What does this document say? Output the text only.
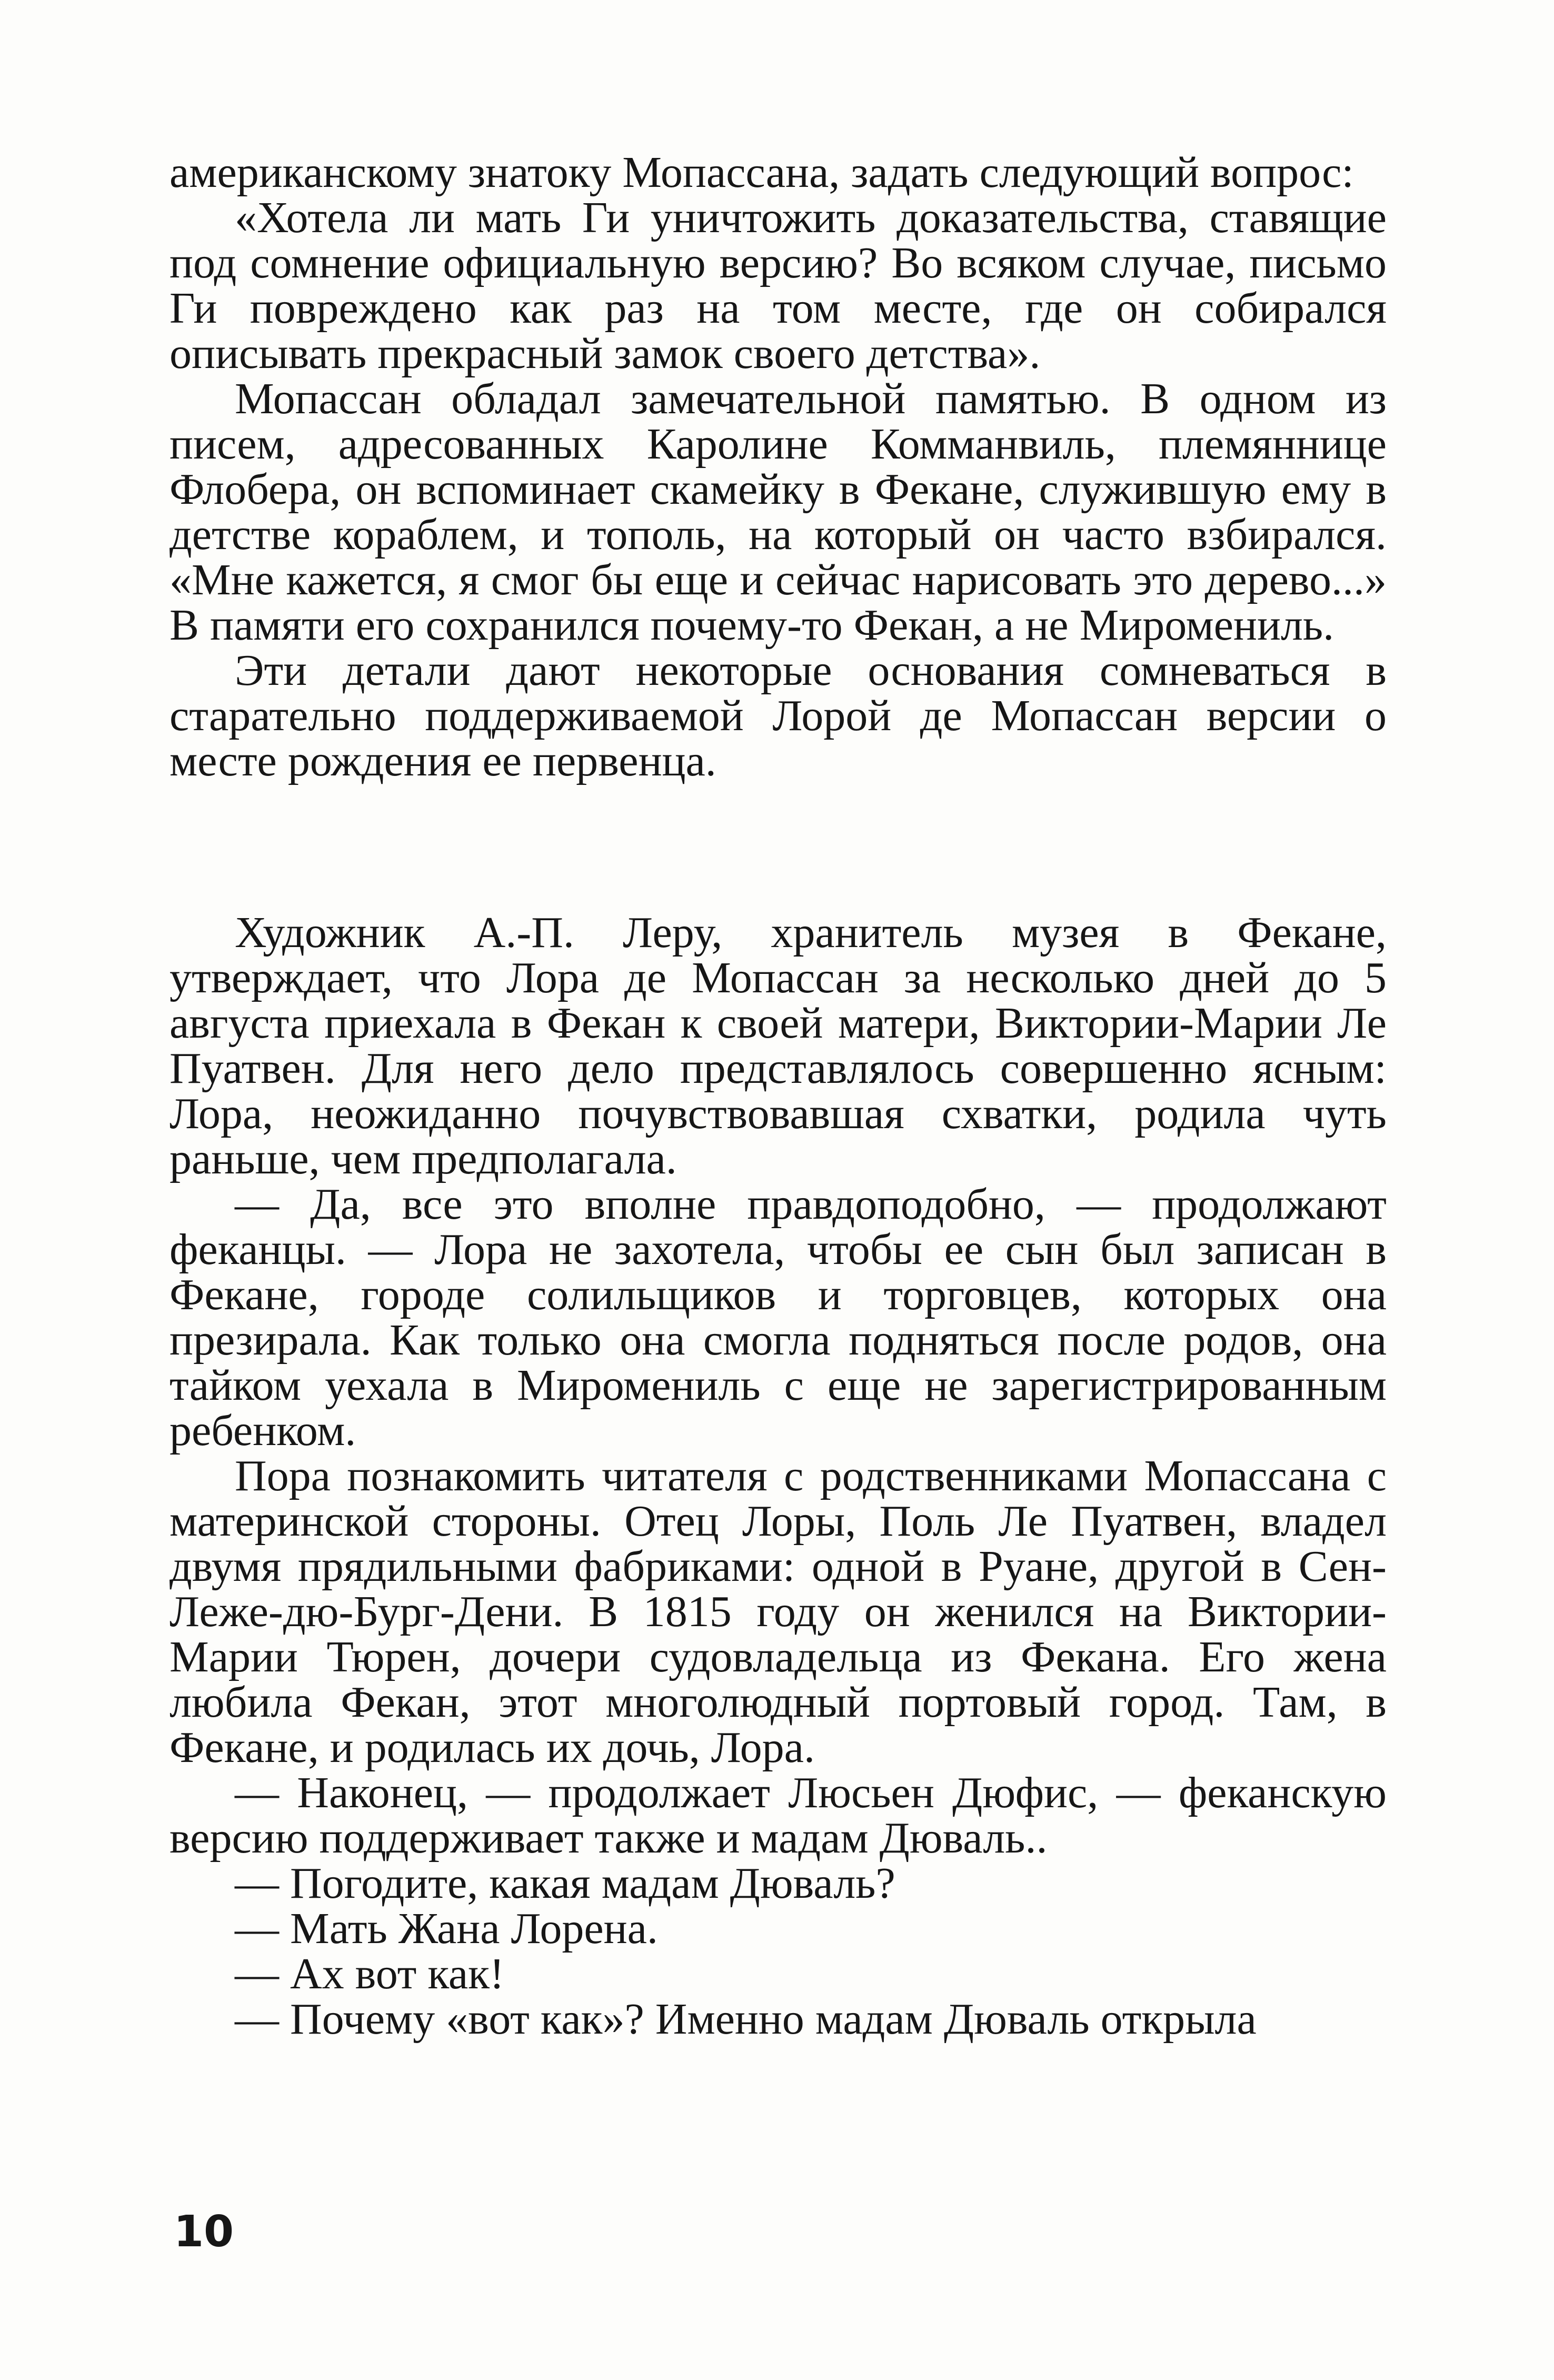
американскому знатоку Мопассана, задать следующий вопрос:

«Хотела ли мать Ги уничтожить доказательства, ставящие под сомнение официальную версию? Во всяком случае, письмо Ги повреждено как раз на том месте, где он собирался описывать прекрасный замок своего детства».

Мопассан обладал замечательной памятью. В одном из писем, адресованных Каролине Комманвиль, племяннице Флобера, он вспоминает скамейку в Фекане, служившую ему в детстве кораблем, и тополь, на который он часто взбирался. «Мне кажется, я смог бы еще и сейчас нарисовать это дерево...» В памяти его сохранился почему-то Фекан, а не Миромениль.

Эти детали дают некоторые основания сомневаться в старательно поддерживаемой Лорой де Мопассан версии о месте рождения ее первенца.

Художник А.-П. Леру, хранитель музея в Фекане, утверждает, что Лора де Мопассан за несколько дней до 5 августа приехала в Фекан к своей матери, Виктории-Марии Ле Пуатвен. Для него дело представлялось совершенно ясным: Лора, неожиданно почувствовавшая схватки, родила чуть раньше, чем предполагала.

— Да, все это вполне правдоподобно, — продолжают феканцы. — Лора не захотела, чтобы ее сын был записан в Фекане, городе солильщиков и торговцев, которых она презирала. Как только она смогла подняться после родов, она тайком уехала в Миромениль с еще не зарегистрированным ребенком.

Пора познакомить читателя с родственниками Мопассана с материнской стороны. Отец Лоры, Поль Ле Пуатвен, владел двумя прядильными фабриками: одной в Руане, другой в Сен-Леже-дю-Бург-Дени. В 1815 году он женился на Виктории-Марии Тюрен, дочери судовладельца из Фекана. Его жена любила Фекан, этот многолюдный портовый город. Там, в Фекане, и родилась их дочь, Лора.

— Наконец, — продолжает Люсьен Дюфис, — феканскую версию поддерживает также и мадам Дюваль..

— Погодите, какая мадам Дюваль?

— Мать Жана Лорена.

— Ах вот как!

— Почему «вот как»? Именно мадам Дюваль открыла

10
